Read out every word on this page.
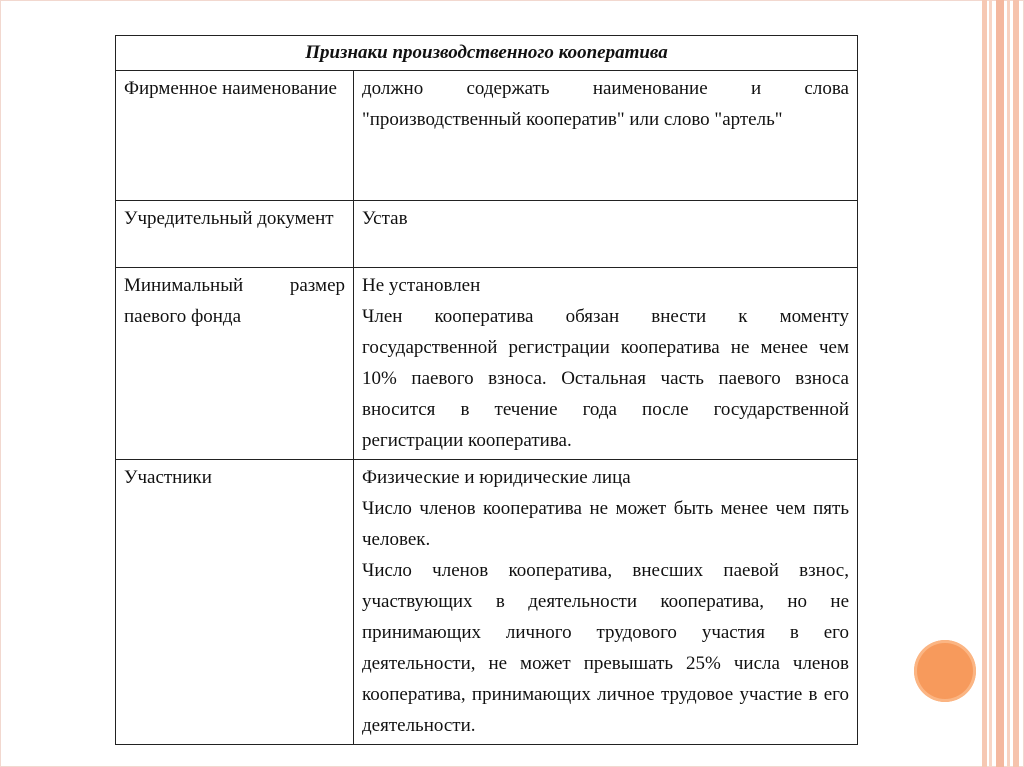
Признаки производственного кооператива	
Фирменное наименование	должно содержать наименование и слова "производственный кооператив" или слово "артель"

Учредительный документ	Устав

Минимальный размер паевого фонда	Не установлен
Член кооператива обязан внести к моменту государственной регистрации кооператива не менее чем 10% паевого взноса. Остальная часть паевого взноса вносится в течение года после государственной регистрации кооператива.

Участники	Физические и юридические лица
Число членов кооператива не может быть менее чем пять человек.
Число членов кооператива, внесших паевой взнос, участвующих в деятельности кооператива, но не принимающих личного трудового участия в его деятельности, не может превышать 25% числа членов кооператива, принимающих личное трудовое участие в его деятельности.
